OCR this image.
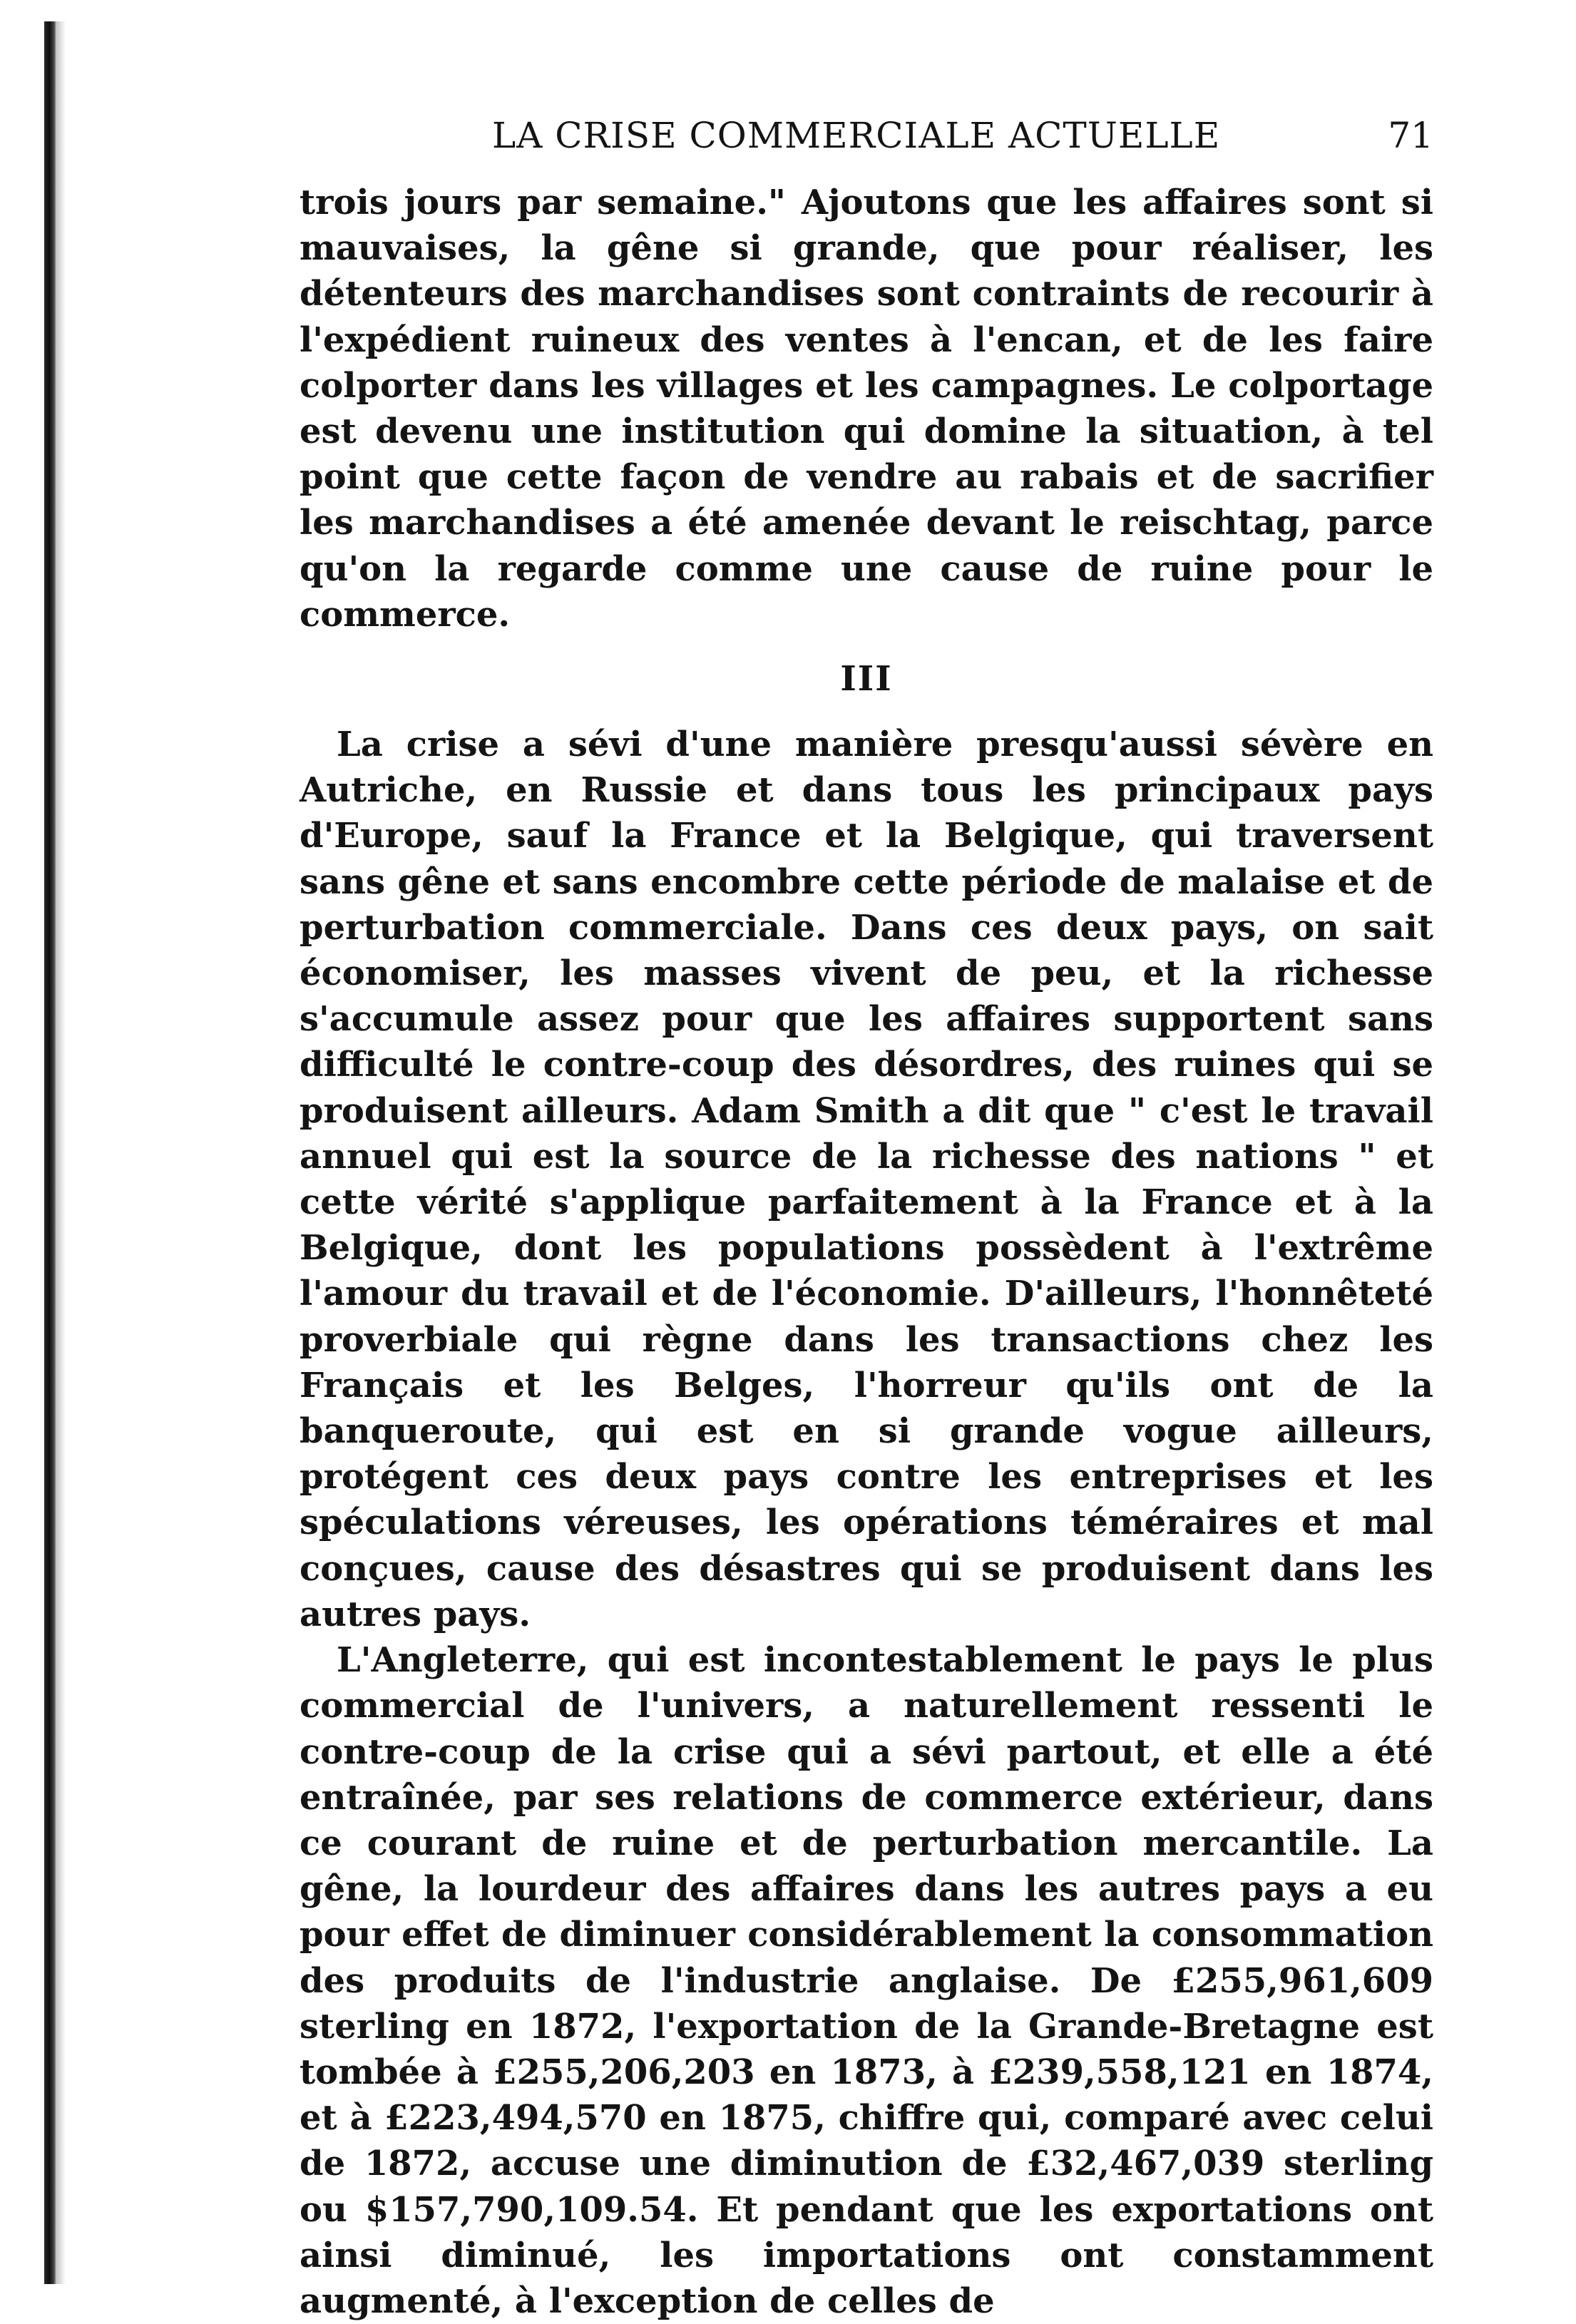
LA CRISE COMMERCIALE ACTUELLE	71

trois jours par semaine." Ajoutons que les affaires sont si mauvaises, la gêne si grande, que pour réaliser, les détenteurs des marchandises sont contraints de recourir à l'expédient ruineux des ventes à l'encan, et de les faire colporter dans les villages et les campagnes. Le colportage est devenu une institution qui domine la situation, à tel point que cette façon de vendre au rabais et de sacrifier les marchandises a été amenée devant le reischtag, parce qu'on la regarde comme une cause de ruine pour le commerce.

III

La crise a sévi d'une manière presqu'aussi sévère en Autriche, en Russie et dans tous les principaux pays d'Europe, sauf la France et la Belgique, qui traversent sans gêne et sans encombre cette période de malaise et de perturbation commerciale. Dans ces deux pays, on sait économiser, les masses vivent de peu, et la richesse s'accumule assez pour que les affaires supportent sans difficulté le contre-coup des désordres, des ruines qui se produisent ailleurs. Adam Smith a dit que " c'est le travail annuel qui est la source de la richesse des nations " et cette vérité s'applique parfaitement à la France et à la Belgique, dont les populations possèdent à l'extrême l'amour du travail et de l'économie. D'ailleurs, l'honnêteté proverbiale qui règne dans les transactions chez les Français et les Belges, l'horreur qu'ils ont de la banqueroute, qui est en si grande vogue ailleurs, protégent ces deux pays contre les entreprises et les spéculations véreuses, les opérations téméraires et mal conçues, cause des désastres qui se produisent dans les autres pays.

L'Angleterre, qui est incontestablement le pays le plus commercial de l'univers, a naturellement ressenti le contre-coup de la crise qui a sévi partout, et elle a été entraînée, par ses relations de commerce extérieur, dans ce courant de ruine et de perturbation mercantile. La gêne, la lourdeur des affaires dans les autres pays a eu pour effet de diminuer considérablement la consommation des produits de l'industrie anglaise. De £255,961,609 sterling en 1872, l'exportation de la Grande-Bretagne est tombée à £255,206,203 en 1873, à £239,558,121 en 1874, et à £223,494,570 en 1875, chiffre qui, comparé avec celui de 1872, accuse une diminution de £32,467,039 sterling ou $157,790,109.54. Et pendant que les exportations ont ainsi diminué, les importations ont constamment augmenté, à l'exception de celles de
